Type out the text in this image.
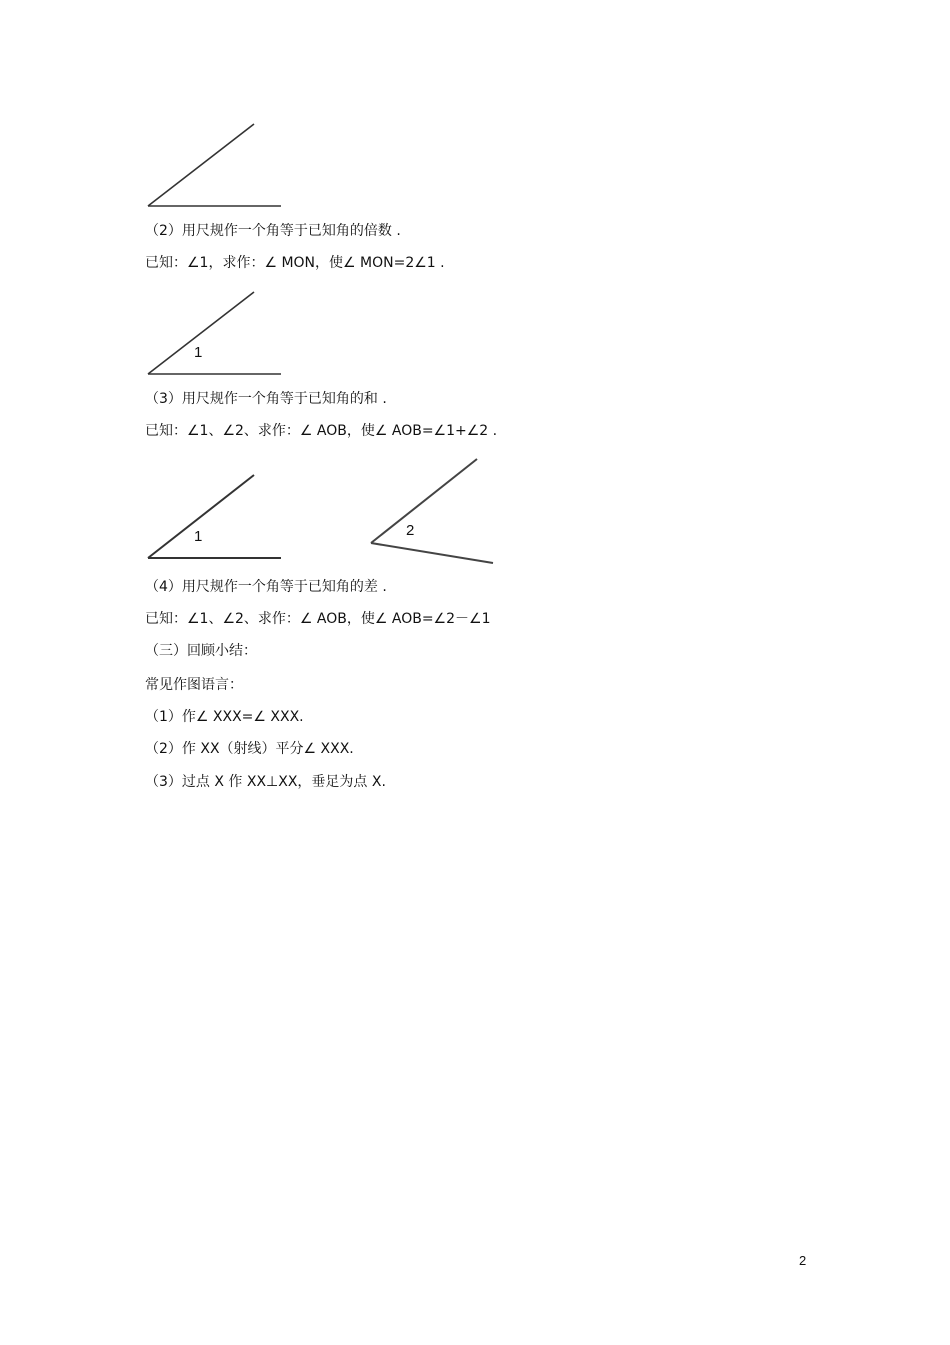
1
1	2
（2）用尺规作一个角等于已知角的倍数 .
已知：∠1，求作：∠ MON，使∠ MON=2∠1 .
（3）用尺规作一个角等于已知角的和 .
已知：∠1、∠2、求作：∠ AOB，使∠ AOB=∠1+∠2 .
（4）用尺规作一个角等于已知角的差 .
已知：∠1、∠2、求作：∠ AOB，使∠ AOB=∠2－∠1
（三）回顾小结：
常见作图语言：
（1）作∠ XXX=∠ XXX.
（2）作 XX（射线）平分∠ XXX.
（3）过点 X 作 XX⊥XX，垂足为点 X.
2
